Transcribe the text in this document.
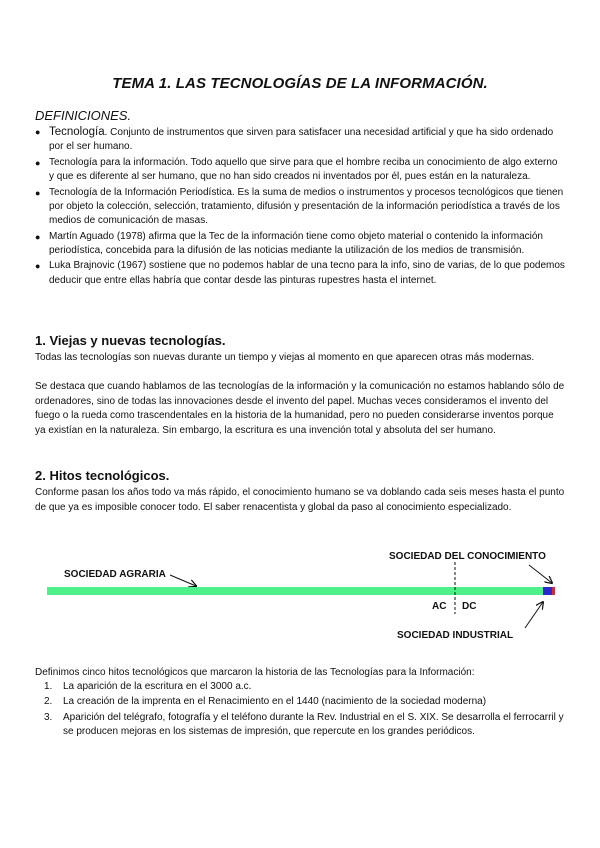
TEMA 1. LAS TECNOLOGÍAS DE LA INFORMACIÓN.
DEFINICIONES.
● Tecnología. Conjunto de instrumentos que sirven para satisfacer una necesidad artificial y que ha sido ordenado por el ser humano.
● Tecnología para la información. Todo aquello que sirve para que el hombre reciba un conocimiento de algo externo y que es diferente al ser humano, que no han sido creados ni inventados por él, pues están en la naturaleza.
● Tecnología de la Información Periodística. Es la suma de medios o instrumentos y procesos tecnológicos que tienen por objeto la colección, selección, tratamiento, difusión y presentación de la información periodística a través de los medios de comunicación de masas.
● Martín Aguado (1978) afirma que la Tec de la información tiene como objeto material o contenido la información periodística, concebida para la difusión de las noticias mediante la utilización de los medios de transmisión.
● Luka Brajnovic (1967) sostiene que no podemos hablar de una tecno para la info, sino de varias, de lo que podemos deducir que entre ellas habría que contar desde las pinturas rupestres hasta el internet.
1. Viejas y nuevas tecnologías.

Todas las tecnologías son nuevas durante un tiempo y viejas al momento en que aparecen otras más modernas.

Se destaca que cuando hablamos de las tecnologías de la información y la comunicación no estamos hablando sólo de ordenadores, sino de todas las innovaciones desde el invento del papel. Muchas veces consideramos el invento del fuego o la rueda como trascendentales en la historia de la humanidad, pero no pueden considerarse inventos porque ya existían en la naturaleza. Sin embargo, la escritura es una invención total y absoluta del ser humano.

2. Hitos tecnológicos.

Conforme pasan los años todo va más rápido, el conocimiento humano se va doblando cada seis meses hasta el punto de que ya es imposible conocer todo. El saber renacentista y global da paso al conocimiento especializado.

SOCIEDAD AGRARIA
SOCIEDAD DEL CONOCIMIENTO
AC DC
SOCIEDAD INDUSTRIAL

Definimos cinco hitos tecnológicos que marcaron la historia de las Tecnologías para la Información:

1. La aparición de la escritura en el 3000 a.c.
2. La creación de la imprenta en el Renacimiento en el 1440 (nacimiento de la sociedad moderna)
3. Aparición del telégrafo, fotografía y el teléfono durante la Rev. Industrial en el S. XIX. Se desarrolla el ferrocarril y se producen mejoras en los sistemas de impresión, que repercute en los grandes periódicos.
